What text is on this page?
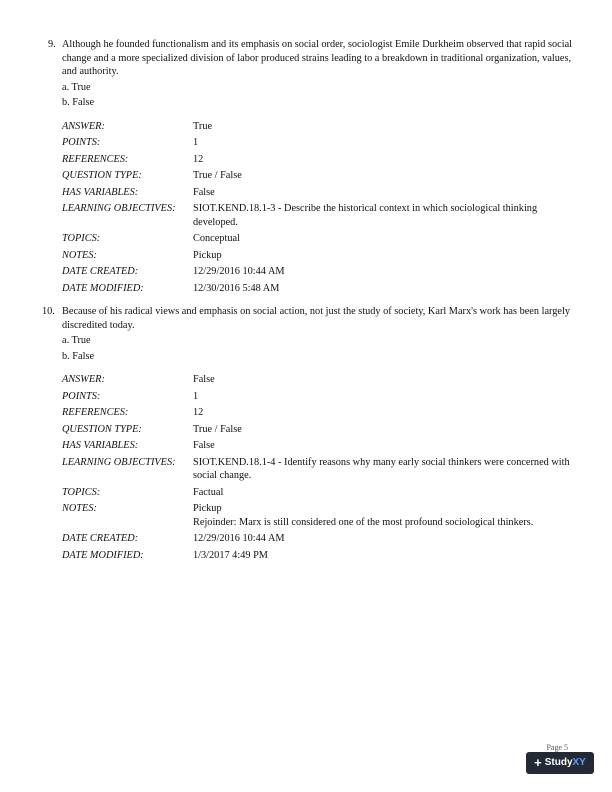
9. Although he founded functionalism and its emphasis on social order, sociologist Emile Durkheim observed that rapid social change and a more specialized division of labor produced strains leading to a breakdown in traditional organization, values, and authority.
a. True
b. False
ANSWER:	True
POINTS:	1
REFERENCES:	12
QUESTION TYPE:	True / False
HAS VARIABLES:	False
LEARNING OBJECTIVES:	SIOT.KEND.18.1-3 - Describe the historical context in which sociological thinking developed.
TOPICS:	Conceptual
NOTES:	Pickup
DATE CREATED:	12/29/2016 10:44 AM
DATE MODIFIED:	12/30/2016 5:48 AM
10. Because of his radical views and emphasis on social action, not just the study of society, Karl Marx's work has been largely discredited today.
a. True
b. False
ANSWER:	False
POINTS:	1
REFERENCES:	12
QUESTION TYPE:	True / False
HAS VARIABLES:	False
LEARNING OBJECTIVES:	SIOT.KEND.18.1-4 - Identify reasons why many early social thinkers were concerned with social change.
TOPICS:	Factual
NOTES:	Pickup
Rejoinder: Marx is still considered one of the most profound sociological thinkers.
DATE CREATED:	12/29/2016 10:44 AM
DATE MODIFIED:	1/3/2017 4:49 PM
Page 5
+ Study XY
